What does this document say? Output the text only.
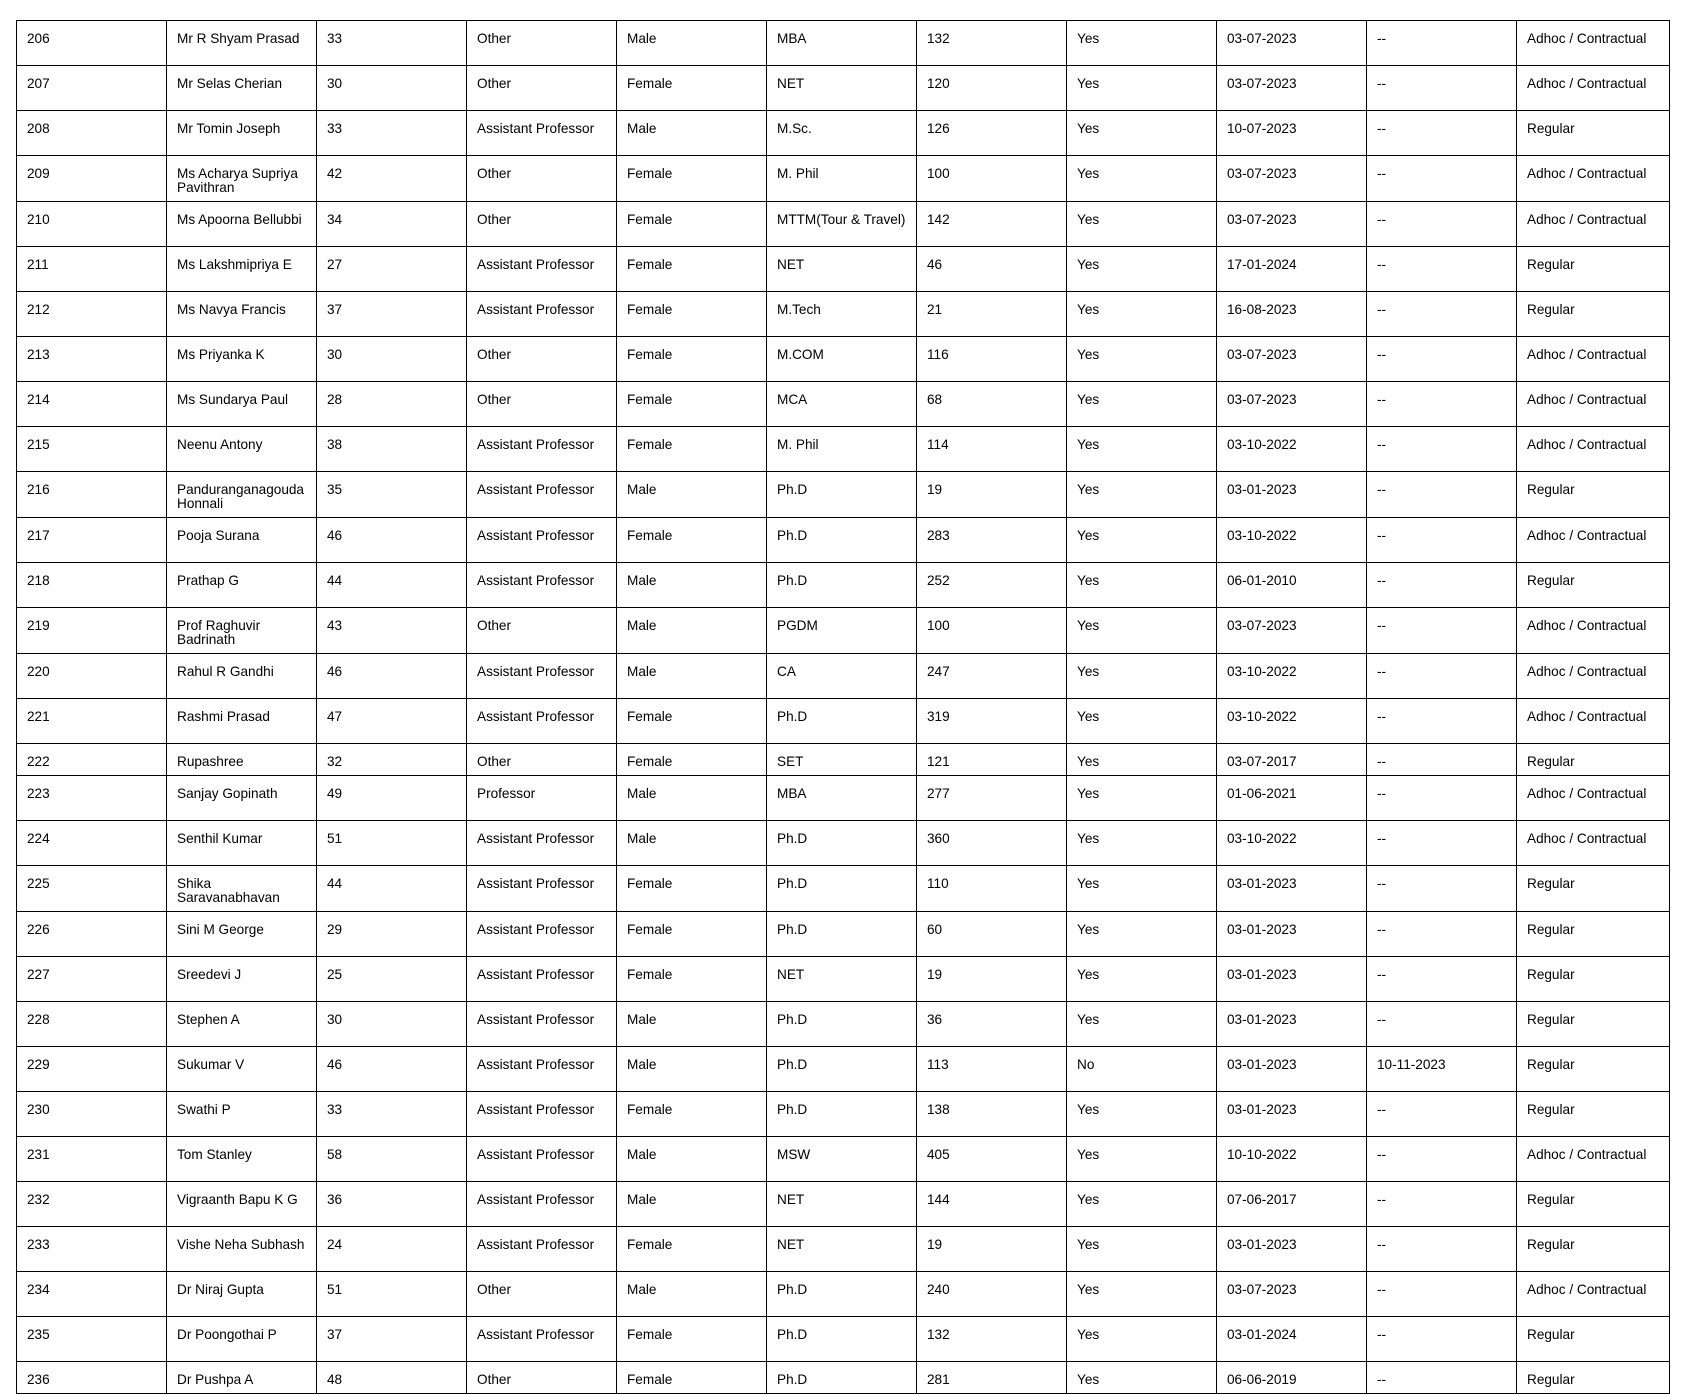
206	Mr R Shyam Prasad	33	Other	Male	MBA	132	Yes	03-07-2023	--	Adhoc / Contractual
207	Mr Selas Cherian	30	Other	Female	NET	120	Yes	03-07-2023	--	Adhoc / Contractual
208	Mr Tomin Joseph	33	Assistant Professor	Male	M.Sc.	126	Yes	10-07-2023	--	Regular
209	Ms Acharya Supriya Pavithran	42	Other	Female	M. Phil	100	Yes	03-07-2023	--	Adhoc / Contractual
210	Ms Apoorna Bellubbi	34	Other	Female	MTTM(Tour & Travel)	142	Yes	03-07-2023	--	Adhoc / Contractual
211	Ms Lakshmipriya E	27	Assistant Professor	Female	NET	46	Yes	17-01-2024	--	Regular
212	Ms Navya Francis	37	Assistant Professor	Female	M.Tech	21	Yes	16-08-2023	--	Regular
213	Ms Priyanka K	30	Other	Female	M.COM	116	Yes	03-07-2023	--	Adhoc / Contractual
214	Ms Sundarya Paul	28	Other	Female	MCA	68	Yes	03-07-2023	--	Adhoc / Contractual
215	Neenu Antony	38	Assistant Professor	Female	M. Phil	114	Yes	03-10-2022	--	Adhoc / Contractual
216	Panduranganagouda Honnali	35	Assistant Professor	Male	Ph.D	19	Yes	03-01-2023	--	Regular
217	Pooja Surana	46	Assistant Professor	Female	Ph.D	283	Yes	03-10-2022	--	Adhoc / Contractual
218	Prathap G	44	Assistant Professor	Male	Ph.D	252	Yes	06-01-2010	--	Regular
219	Prof Raghuvir Badrinath	43	Other	Male	PGDM	100	Yes	03-07-2023	--	Adhoc / Contractual
220	Rahul R Gandhi	46	Assistant Professor	Male	CA	247	Yes	03-10-2022	--	Adhoc / Contractual
221	Rashmi Prasad	47	Assistant Professor	Female	Ph.D	319	Yes	03-10-2022	--	Adhoc / Contractual
222	Rupashree	32	Other	Female	SET	121	Yes	03-07-2017	--	Regular
223	Sanjay Gopinath	49	Professor	Male	MBA	277	Yes	01-06-2021	--	Adhoc / Contractual
224	Senthil Kumar	51	Assistant Professor	Male	Ph.D	360	Yes	03-10-2022	--	Adhoc / Contractual
225	Shika Saravanabhavan	44	Assistant Professor	Female	Ph.D	110	Yes	03-01-2023	--	Regular
226	Sini M George	29	Assistant Professor	Female	Ph.D	60	Yes	03-01-2023	--	Regular
227	Sreedevi J	25	Assistant Professor	Female	NET	19	Yes	03-01-2023	--	Regular
228	Stephen A	30	Assistant Professor	Male	Ph.D	36	Yes	03-01-2023	--	Regular
229	Sukumar V	46	Assistant Professor	Male	Ph.D	113	No	03-01-2023	10-11-2023	Regular
230	Swathi P	33	Assistant Professor	Female	Ph.D	138	Yes	03-01-2023	--	Regular
231	Tom Stanley	58	Assistant Professor	Male	MSW	405	Yes	10-10-2022	--	Adhoc / Contractual
232	Vigraanth Bapu K G	36	Assistant Professor	Male	NET	144	Yes	07-06-2017	--	Regular
233	Vishe Neha Subhash	24	Assistant Professor	Female	NET	19	Yes	03-01-2023	--	Regular
234	Dr Niraj Gupta	51	Other	Male	Ph.D	240	Yes	03-07-2023	--	Adhoc / Contractual
235	Dr Poongothai P	37	Assistant Professor	Female	Ph.D	132	Yes	03-01-2024	--	Regular
236	Dr Pushpa A	48	Other	Female	Ph.D	281	Yes	06-06-2019	--	Regular
